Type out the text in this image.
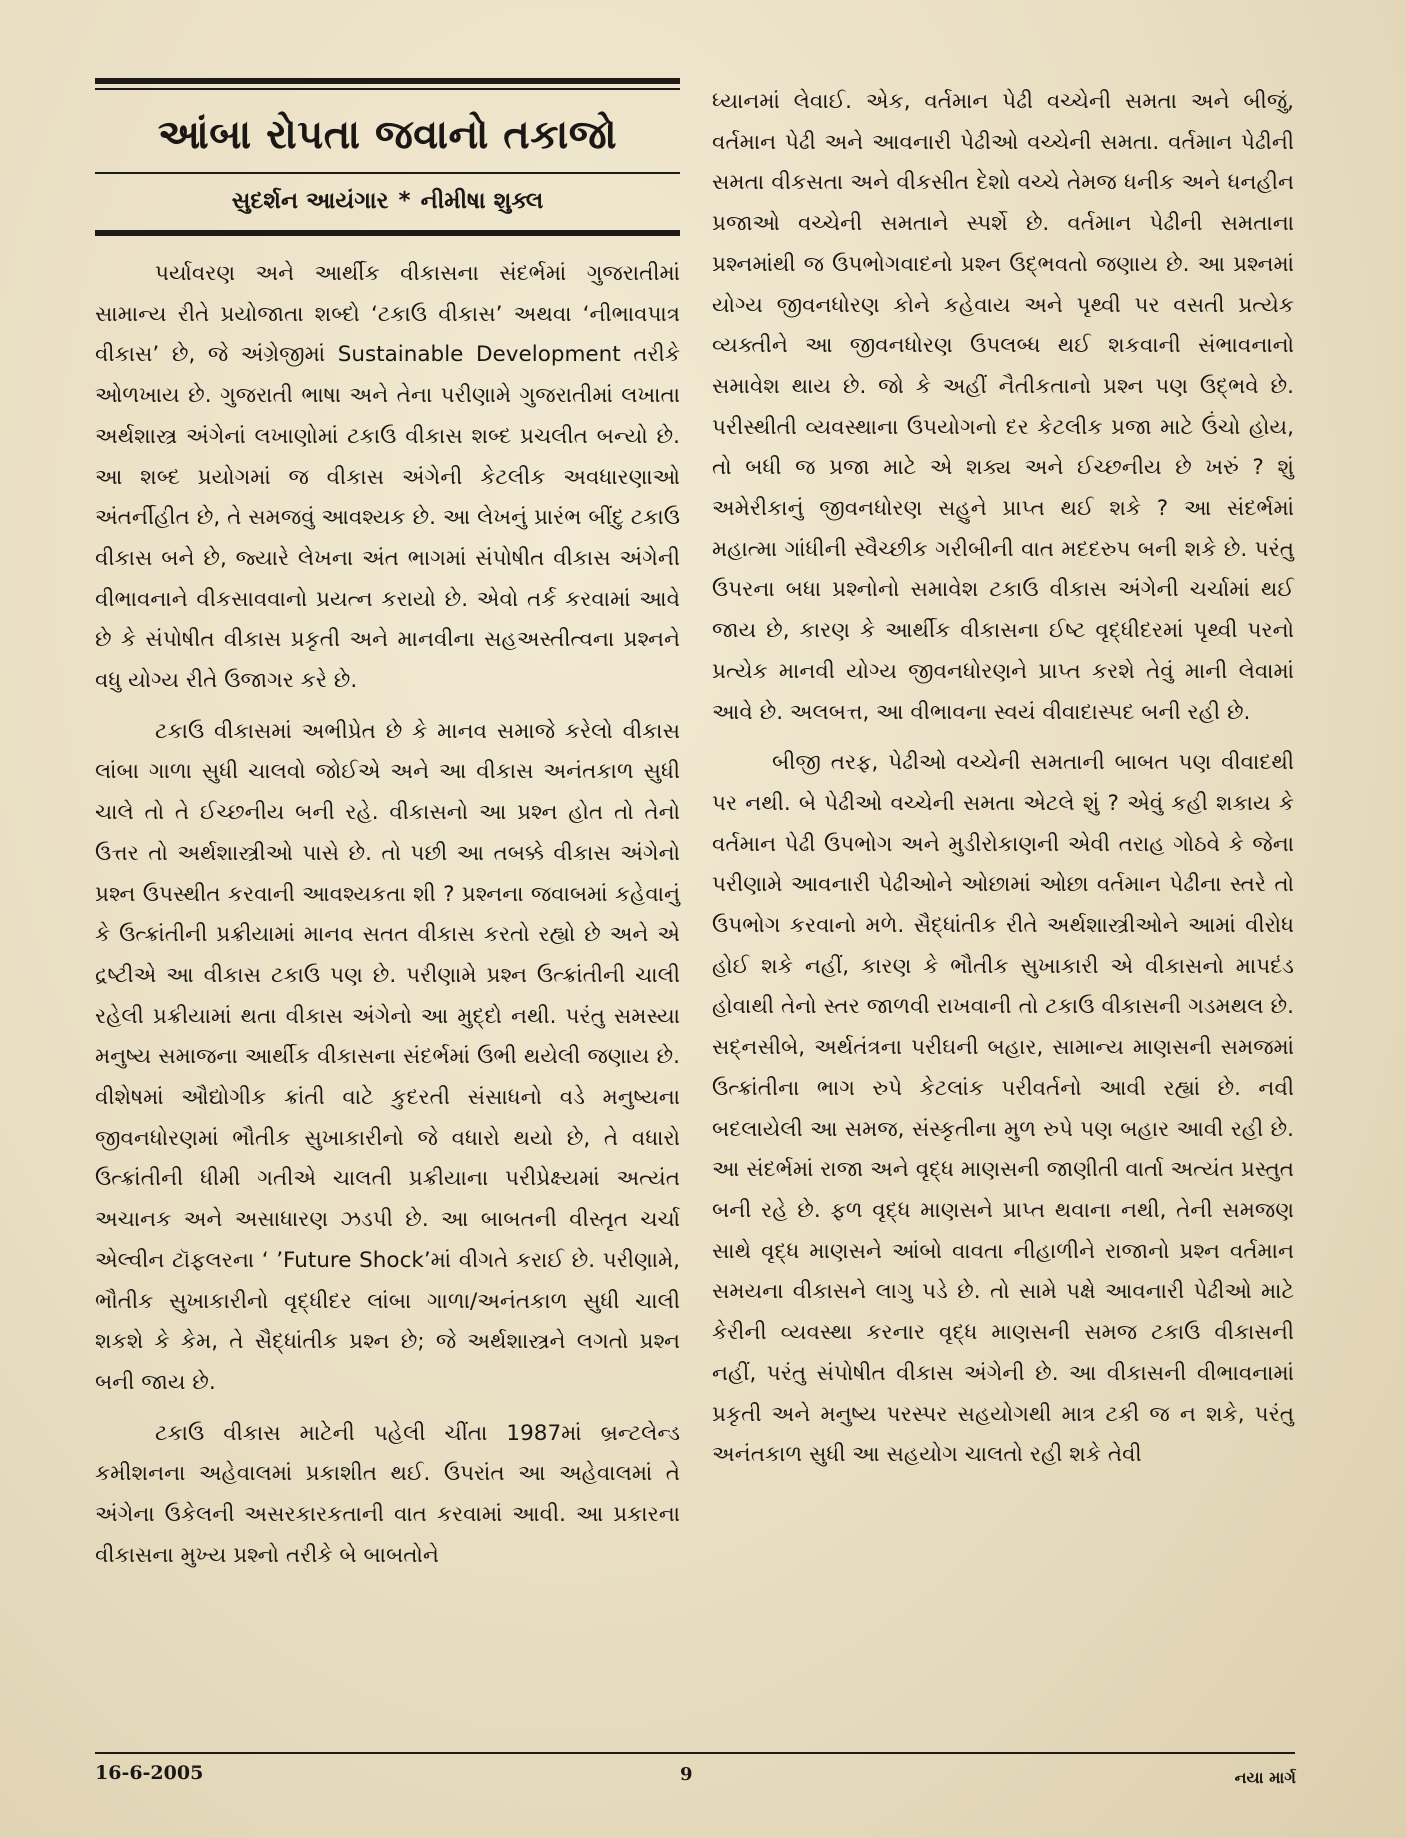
આંબા રોપતા જવાનો તકાજો
સુદર્શન આયંગાર * નીમીષા શુક્લ

પર્યાવરણ અને આર્થીક વીકાસના સંદર્ભમાં ગુજરાતીમાં સામાન્ય રીતે પ્રયોજાતા શબ્દો ‘ટકાઉ વીકાસ’ અથવા ‘નીભાવપાત્ર વીકાસ’ છે, જે અંગ્રેજીમાં Sustainable Development તરીકે ઓળખાય છે. ગુજરાતી ભાષા અને તેના પરીણામે ગુજરાતીમાં લખાતા અર્થશાસ્ત્ર અંગેનાં લખાણોમાં ટકાઉ વીકાસ શબ્દ પ્રચલીત બન્યો છે. આ શબ્દ પ્રયોગમાં જ વીકાસ અંગેની કેટલીક અવધારણાઓ અંતર્નીહીત છે, તે સમજવું આવશ્યક છે. આ લેખનું પ્રારંભ બીંદુ ટકાઉ વીકાસ બને છે, જ્યારે લેખના અંત ભાગમાં સંપોષીત વીકાસ અંગેની વીભાવનાને વીકસાવવાનો પ્રયત્ન કરાયો છે. એવો તર્ક કરવામાં આવે છે કે સંપોષીત વીકાસ પ્રકૃતી અને માનવીના સહઅસ્તીત્વના પ્રશ્નને વધુ યોગ્ય રીતે ઉજાગર કરે છે.

ટકાઉ વીકાસમાં અભીપ્રેત છે કે માનવ સમાજે કરેલો વીકાસ લાંબા ગાળા સુધી ચાલવો જોઈએ અને આ વીકાસ અનંતકાળ સુધી ચાલે તો તે ઈચ્છનીય બની રહે. વીકાસનો આ પ્રશ્ન હોત તો તેનો ઉત્તર તો અર્થશાસ્ત્રીઓ પાસે છે. તો પછી આ તબક્કે વીકાસ અંગેનો પ્રશ્ન ઉપસ્થીત કરવાની આવશ્યકતા શી ? પ્રશ્નના જવાબમાં કહેવાનું કે ઉત્ક્રાંતીની પ્રક્રીયામાં માનવ સતત વીકાસ કરતો રહ્યો છે અને એ દ્રષ્ટીએ આ વીકાસ ટકાઉ પણ છે. પરીણામે પ્રશ્ન ઉત્ક્રાંતીની ચાલી રહેલી પ્રક્રીયામાં થતા વીકાસ અંગેનો આ મુદ્દો નથી. પરંતુ સમસ્યા મનુષ્ય સમાજના આર્થીક વીકાસના સંદર્ભમાં ઉભી થયેલી જણાય છે. વીશેષમાં ઔદ્યોગીક ક્રાંતી વાટે કુદરતી સંસાધનો વડે મનુષ્યના જીવનધોરણમાં ભૌતીક સુખાકારીનો જે વધારો થયો છે, તે વધારો ઉત્ક્રાંતીની ધીમી ગતીએ ચાલતી પ્રક્રીયાના પરીપ્રેક્ષ્યમાં અત્યંત અચાનક અને અસાધારણ ઝડપી છે. આ બાબતની વીસ્તૃત ચર્ચા એલ્વીન ટૉફલરના ‘ ’Future Shock’માં વીગતે કરાઈ છે. પરીણામે, ભૌતીક સુખાકારીનો વૃદ્ધીદર લાંબા ગાળા/અનંતકાળ સુધી ચાલી શકશે કે કેમ, તે સૈદ્ધાંતીક પ્રશ્ન છે; જે અર્થશાસ્ત્રને લગતો પ્રશ્ન બની જાય છે.

ટકાઉ વીકાસ માટેની પહેલી ચીંતા 1987માં બ્રન્ટલેન્ડ કમીશનના અહેવાલમાં પ્રકાશીત થઈ. ઉપરાંત આ અહેવાલમાં તે અંગેના ઉકેલની અસરકારકતાની વાત કરવામાં આવી. આ પ્રકારના વીકાસના મુખ્ય પ્રશ્નો તરીકે બે બાબતોને

ધ્યાનમાં લેવાઈ. એક, વર્તમાન પેઢી વચ્ચેની સમતા અને બીજું, વર્તમાન પેઢી અને આવનારી પેઢીઓ વચ્ચેની સમતા. વર્તમાન પેઢીની સમતા વીકસતા અને વીકસીત દેશો વચ્ચે તેમજ ધનીક અને ધનહીન પ્રજાઓ વચ્ચેની સમતાને સ્પર્શે છે. વર્તમાન પેઢીની સમતાના પ્રશ્નમાંથી જ ઉપભોગવાદનો પ્રશ્ન ઉદ્ભવતો જણાય છે. આ પ્રશ્નમાં યોગ્ય જીવનધોરણ કોને કહેવાય અને પૃથ્વી પર વસતી પ્રત્યેક વ્યક્તીને આ જીવનધોરણ ઉપલબ્ધ થઈ શકવાની સંભાવનાનો સમાવેશ થાય છે. જો કે અહીં નૈતીકતાનો પ્રશ્ન પણ ઉદ્ભવે છે. પરીસ્થીતી વ્યવસ્થાના ઉપયોગનો દર કેટલીક પ્રજા માટે ઉંચો હોય, તો બધી જ પ્રજા માટે એ શક્ય અને ઈચ્છનીય છે ખરું ? શું અમેરીકાનું જીવનધોરણ સહુને પ્રાપ્ત થઈ શકે ? આ સંદર્ભમાં મહાત્મા ગાંધીની સ્વૈચ્છીક ગરીબીની વાત મદદરુપ બની શકે છે. પરંતુ ઉપરના બધા પ્રશ્નોનો સમાવેશ ટકાઉ વીકાસ અંગેની ચર્ચામાં થઈ જાય છે, કારણ કે આર્થીક વીકાસના ઈષ્ટ વૃદ્ધીદરમાં પૃથ્વી પરનો પ્રત્યેક માનવી યોગ્ય જીવનધોરણને પ્રાપ્ત કરશે તેવું માની લેવામાં આવે છે. અલબત્ત, આ વીભાવના સ્વયં વીવાદાસ્પદ બની રહી છે.

બીજી તરફ, પેઢીઓ વચ્ચેની સમતાની બાબત પણ વીવાદથી પર નથી. બે પેઢીઓ વચ્ચેની સમતા એટલે શું ? એવું કહી શકાય કે વર્તમાન પેઢી ઉપભોગ અને મુડીરોકાણની એવી તરાહ ગોઠવે કે જેના પરીણામે આવનારી પેઢીઓને ઓછામાં ઓછા વર્તમાન પેઢીના સ્તરે તો ઉપભોગ કરવાનો મળે. સૈદ્ધાંતીક રીતે અર્થશાસ્ત્રીઓને આમાં વીરોધ હોઈ શકે નહીં, કારણ કે ભૌતીક સુખાકારી એ વીકાસનો માપદંડ હોવાથી તેનો સ્તર જાળવી રાખવાની તો ટકાઉ વીકાસની ગડમથલ છે. સદ્નસીબે, અર્થતંત્રના પરીઘની બહાર, સામાન્ય માણસની સમજમાં ઉત્ક્રાંતીના ભાગ રુપે કેટલાંક પરીવર્તનો આવી રહ્યાં છે. નવી બદલાયેલી આ સમજ, સંસ્કૃતીના મુળ રુપે પણ બહાર આવી રહી છે. આ સંદર્ભમાં રાજા અને વૃદ્ધ માણસની જાણીતી વાર્તા અત્યંત પ્રસ્તુત બની રહે છે. ફળ વૃદ્ધ માણસને પ્રાપ્ત થવાના નથી, તેની સમજણ સાથે વૃદ્ધ માણસને આંબો વાવતા નીહાળીને રાજાનો પ્રશ્ન વર્તમાન સમયના વીકાસને લાગુ પડે છે. તો સામે પક્ષે આવનારી પેઢીઓ માટે કેરીની વ્યવસ્થા કરનાર વૃદ્ધ માણસની સમજ ટકાઉ વીકાસની નહીં, પરંતુ સંપોષીત વીકાસ અંગેની છે. આ વીકાસની વીભાવનામાં પ્રકૃતી અને મનુષ્ય પરસ્પર સહયોગથી માત્ર ટકી જ ન શકે, પરંતુ અનંતકાળ સુધી આ સહયોગ ચાલતો રહી શકે તેવી

16-6-2005	9	નયા માર્ગ
